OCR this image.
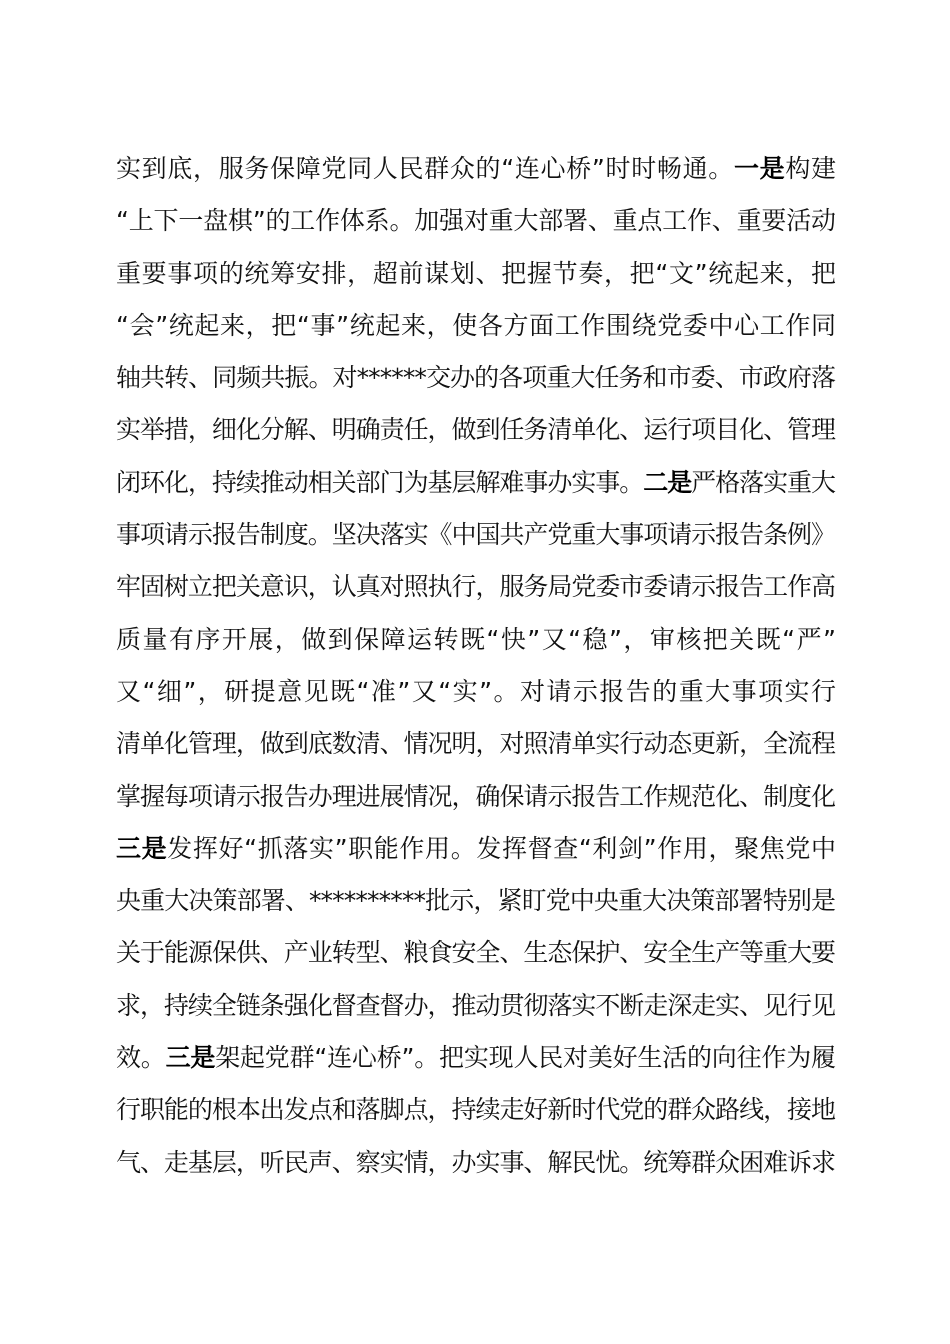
实到底，服务保障党同人民群众的“连心桥”时时畅通。一是构建
“上下一盘棋”的工作体系。加强对重大部署、重点工作、重要活动
重要事项的统筹安排，超前谋划、把握节奏，把“文”统起来，把
“会”统起来，把“事”统起来，使各方面工作围绕党委中心工作同
轴共转、同频共振。对******交办的各项重大任务和市委、市政府落
实举措，细化分解、明确责任，做到任务清单化、运行项目化、管理
闭环化，持续推动相关部门为基层解难事办实事。二是严格落实重大
事项请示报告制度。坚决落实《中国共产党重大事项请示报告条例》
牢固树立把关意识，认真对照执行，服务局党委市委请示报告工作高
质量有序开展，做到保障运转既“快”又“稳”，审核把关既“严”
又“细”，研提意见既“准”又“实”。对请示报告的重大事项实行
清单化管理，做到底数清、情况明，对照清单实行动态更新，全流程
掌握每项请示报告办理进展情况，确保请示报告工作规范化、制度化
三是发挥好“抓落实”职能作用。发挥督查“利剑”作用，聚焦党中
央重大决策部署、**********批示，紧盯党中央重大决策部署特别是
关于能源保供、产业转型、粮食安全、生态保护、安全生产等重大要
求，持续全链条强化督查督办，推动贯彻落实不断走深走实、见行见
效。三是架起党群“连心桥”。把实现人民对美好生活的向往作为履
行职能的根本出发点和落脚点，持续走好新时代党的群众路线，接地
气、走基层，听民声、察实情，办实事、解民忧。统筹群众困难诉求
